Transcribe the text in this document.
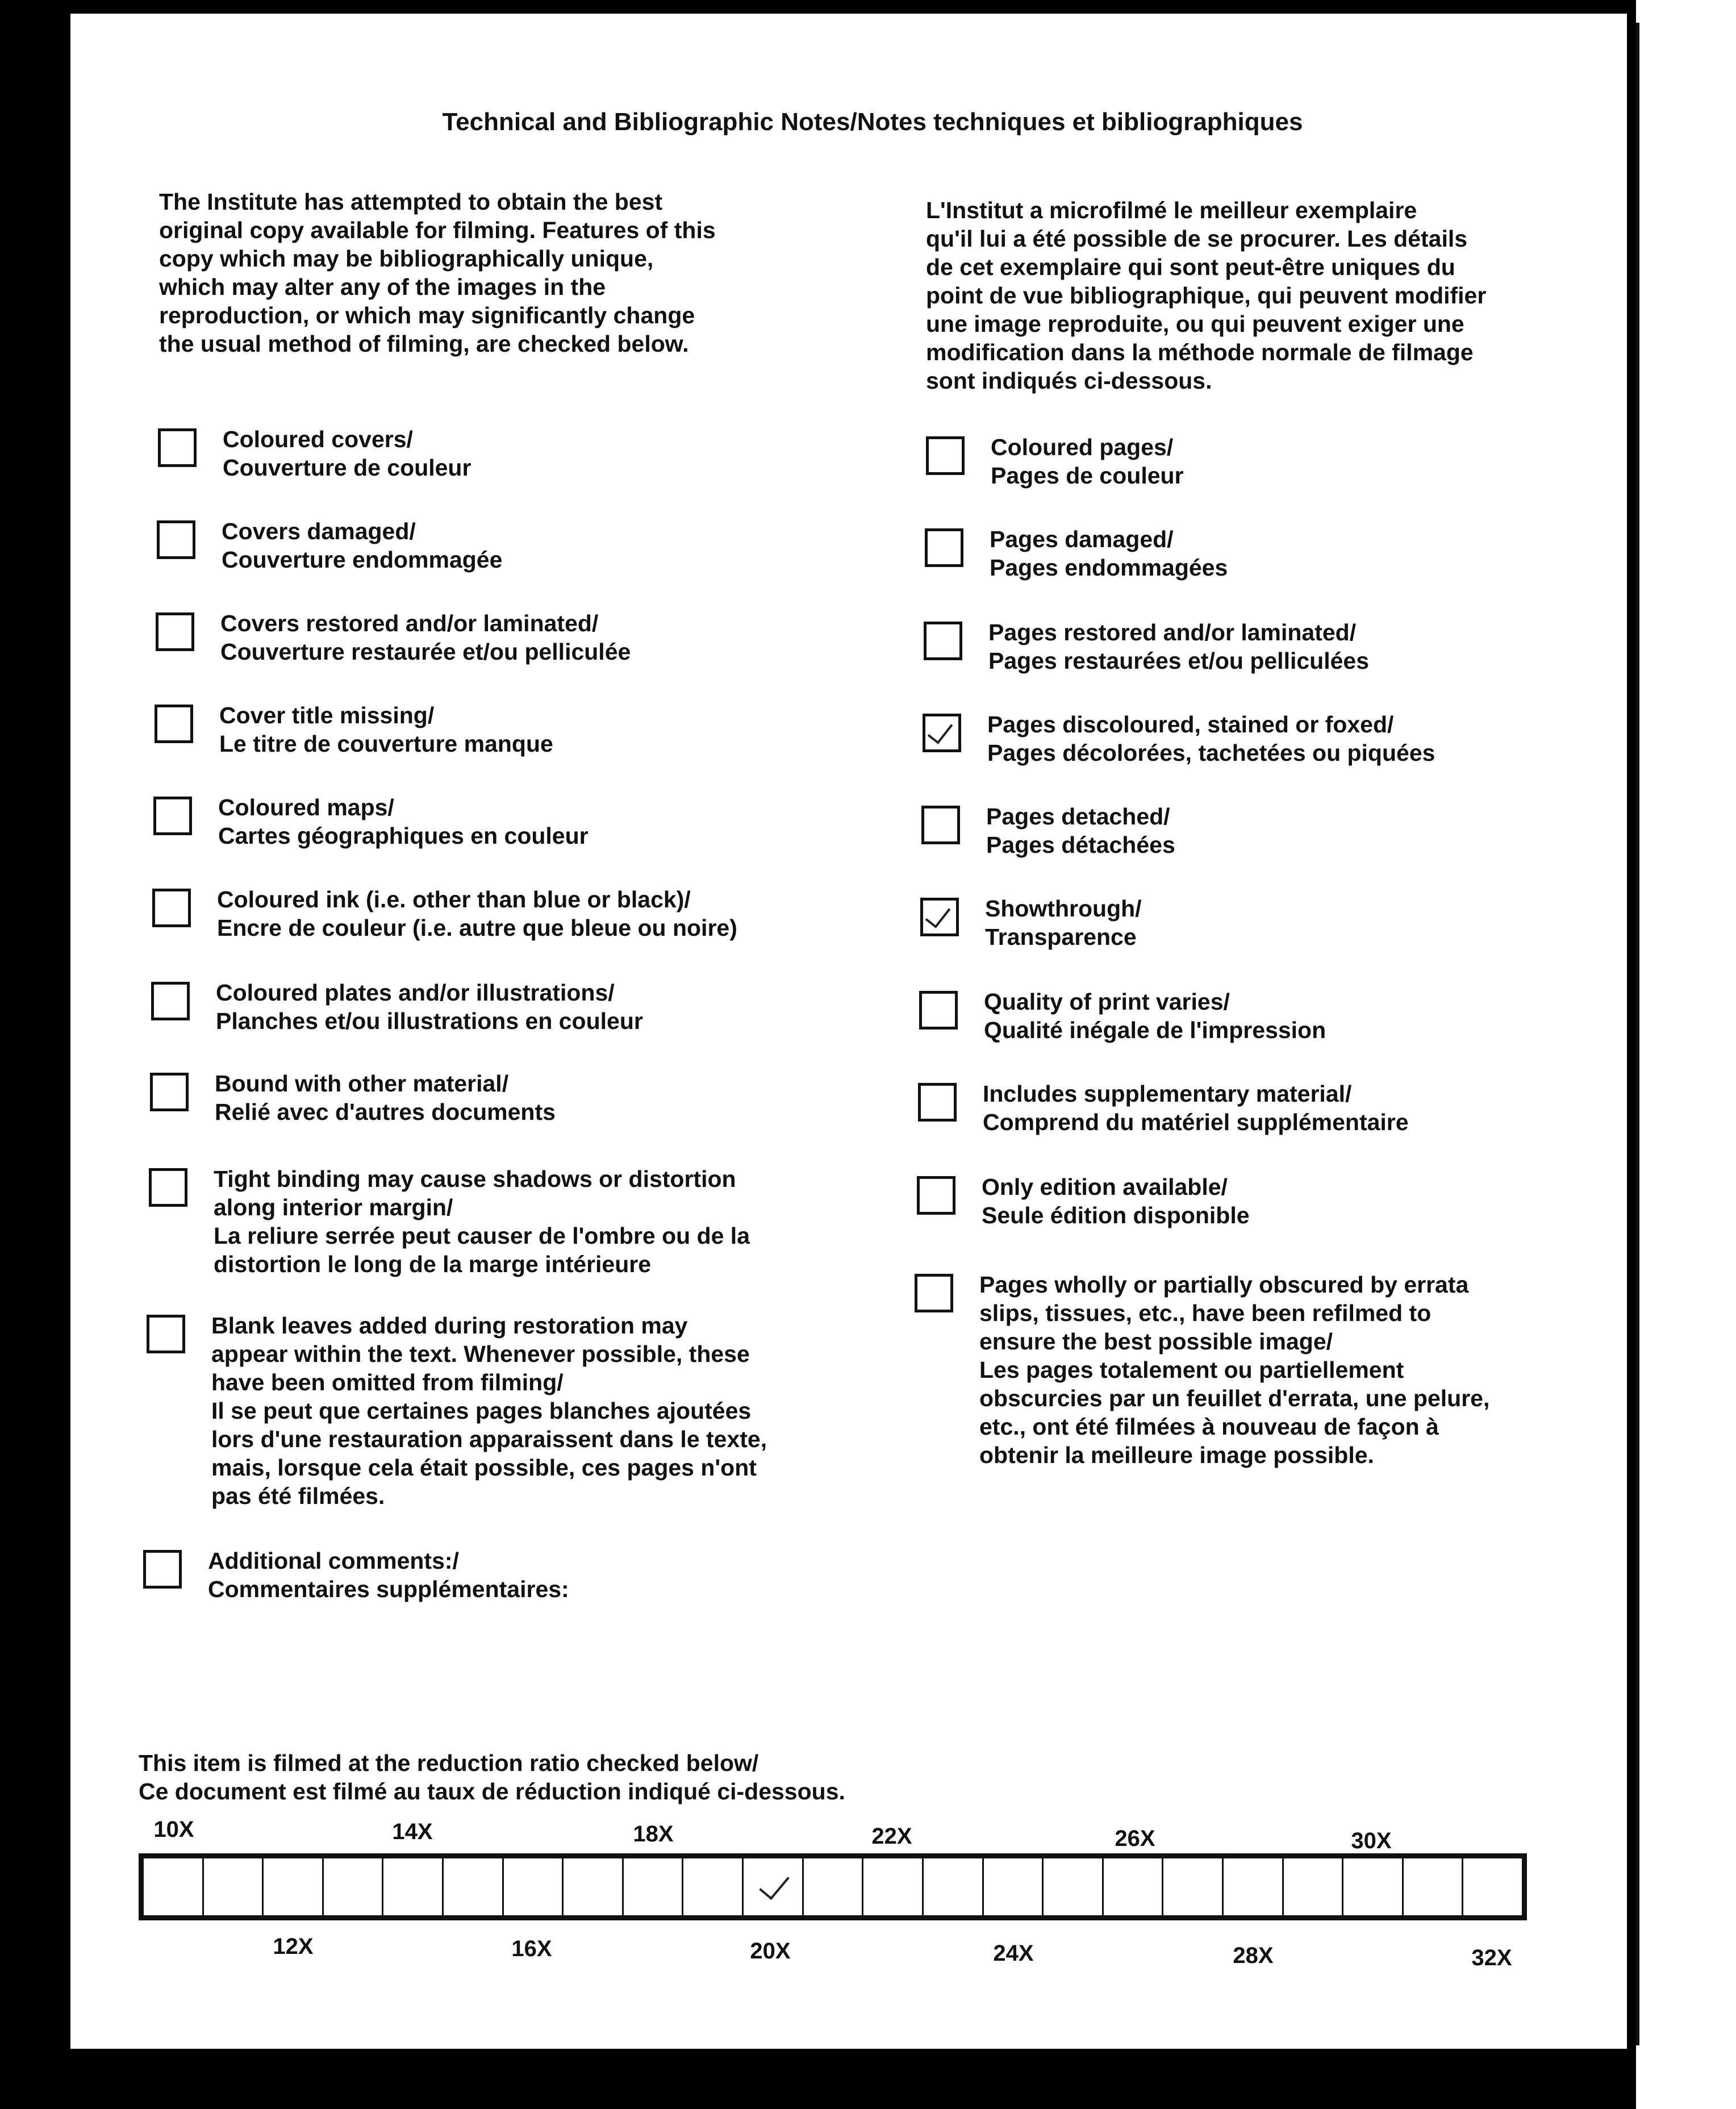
Technical and Bibliographic Notes/Notes techniques et bibliographiques
The Institute has attempted to obtain the best
original copy available for filming. Features of this
copy which may be bibliographically unique,
which may alter any of the images in the
reproduction, or which may significantly change
the usual method of filming, are checked below.
L'Institut a microfilmé le meilleur exemplaire
qu'il lui a été possible de se procurer. Les détails
de cet exemplaire qui sont peut-être uniques du
point de vue bibliographique, qui peuvent modifier
une image reproduite, ou qui peuvent exiger une
modification dans la méthode normale de filmage
sont indiqués ci-dessous.
Coloured covers/
Couverture de couleur
Covers damaged/
Couverture endommagée
Covers restored and/or laminated/
Couverture restaurée et/ou pelliculée
Cover title missing/
Le titre de couverture manque
Coloured maps/
Cartes géographiques en couleur
Coloured ink (i.e. other than blue or black)/
Encre de couleur (i.e. autre que bleue ou noire)
Coloured plates and/or illustrations/
Planches et/ou illustrations en couleur
Bound with other material/
Relié avec d'autres documents
Tight binding may cause shadows or distortion
along interior margin/
La reliure serrée peut causer de l'ombre ou de la
distortion le long de la marge intérieure
Blank leaves added during restoration may
appear within the text. Whenever possible, these
have been omitted from filming/
Il se peut que certaines pages blanches ajoutées
lors d'une restauration apparaissent dans le texte,
mais, lorsque cela était possible, ces pages n'ont
pas été filmées.
Additional comments:/
Commentaires supplémentaires:
Coloured pages/
Pages de couleur
Pages damaged/
Pages endommagées
Pages restored and/or laminated/
Pages restaurées et/ou pelliculées
Pages discoloured, stained or foxed/
Pages décolorées, tachetées ou piquées
Pages detached/
Pages détachées
Showthrough/
Transparence
Quality of print varies/
Qualité inégale de l'impression
Includes supplementary material/
Comprend du matériel supplémentaire
Only edition available/
Seule édition disponible
Pages wholly or partially obscured by errata
slips, tissues, etc., have been refilmed to
ensure the best possible image/
Les pages totalement ou partiellement
obscurcies par un feuillet d'errata, une pelure,
etc., ont été filmées à nouveau de façon à
obtenir la meilleure image possible.
This item is filmed at the reduction ratio checked below/
Ce document est filmé au taux de réduction indiqué ci-dessous.
10X	14X	18X	22X	26X	30X
12X	16X	20X	24X	28X	32X
